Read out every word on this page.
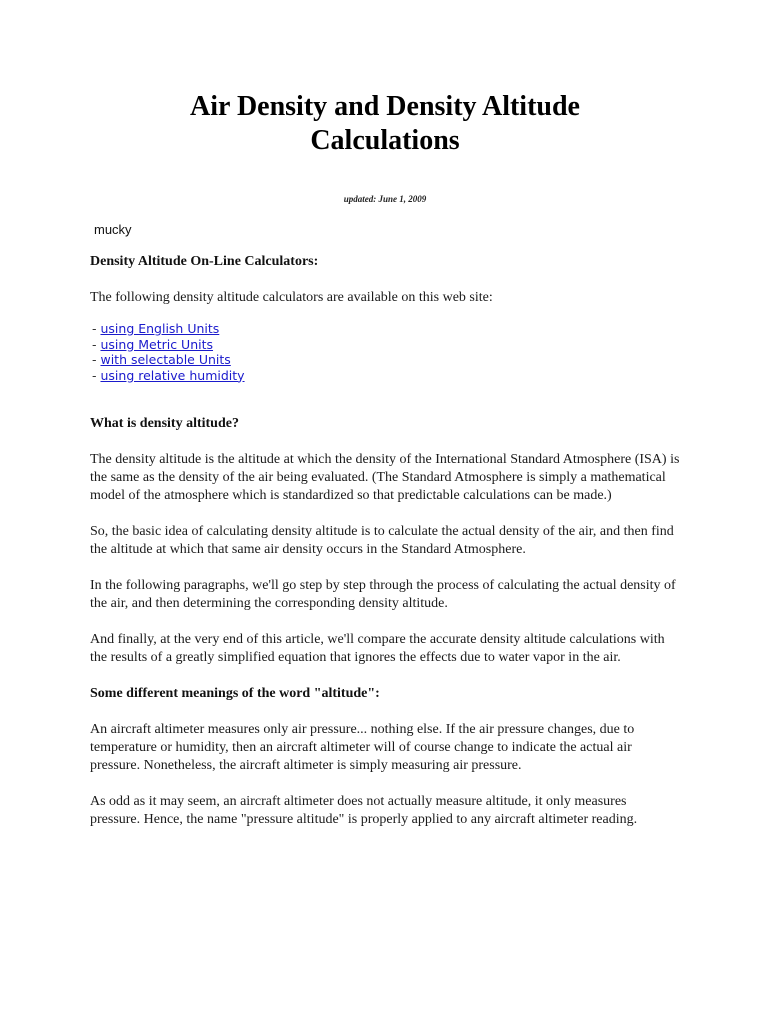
Air Density and Density Altitude
Calculations
updated: June 1, 2009
mucky
Density Altitude On-Line Calculators:
The following density altitude calculators are available on this web site:
- using English Units
- using Metric Units
- with selectable Units
- using relative humidity
What is density altitude?
The density altitude is the altitude at which the density of the International Standard Atmosphere (ISA) is the same as the density of the air being evaluated. (The Standard Atmosphere is simply a mathematical model of the atmosphere which is standardized so that predictable calculations can be made.)
So, the basic idea of calculating density altitude is to calculate the actual density of the air, and then find the altitude at which that same air density occurs in the Standard Atmosphere.
In the following paragraphs, we'll go step by step through the process of calculating the actual density of the air, and then determining the corresponding density altitude.
And finally, at the very end of this article, we'll compare the accurate density altitude calculations with the results of a greatly simplified equation that ignores the effects due to water vapor in the air.
Some different meanings of the word "altitude":
An aircraft altimeter measures only air pressure... nothing else. If the air pressure changes, due to temperature or humidity, then an aircraft altimeter will of course change to indicate the actual air pressure. Nonetheless, the aircraft altimeter is simply measuring air pressure.
As odd as it may seem, an aircraft altimeter does not actually measure altitude, it only measures pressure. Hence, the name "pressure altitude" is properly applied to any aircraft altimeter reading.
